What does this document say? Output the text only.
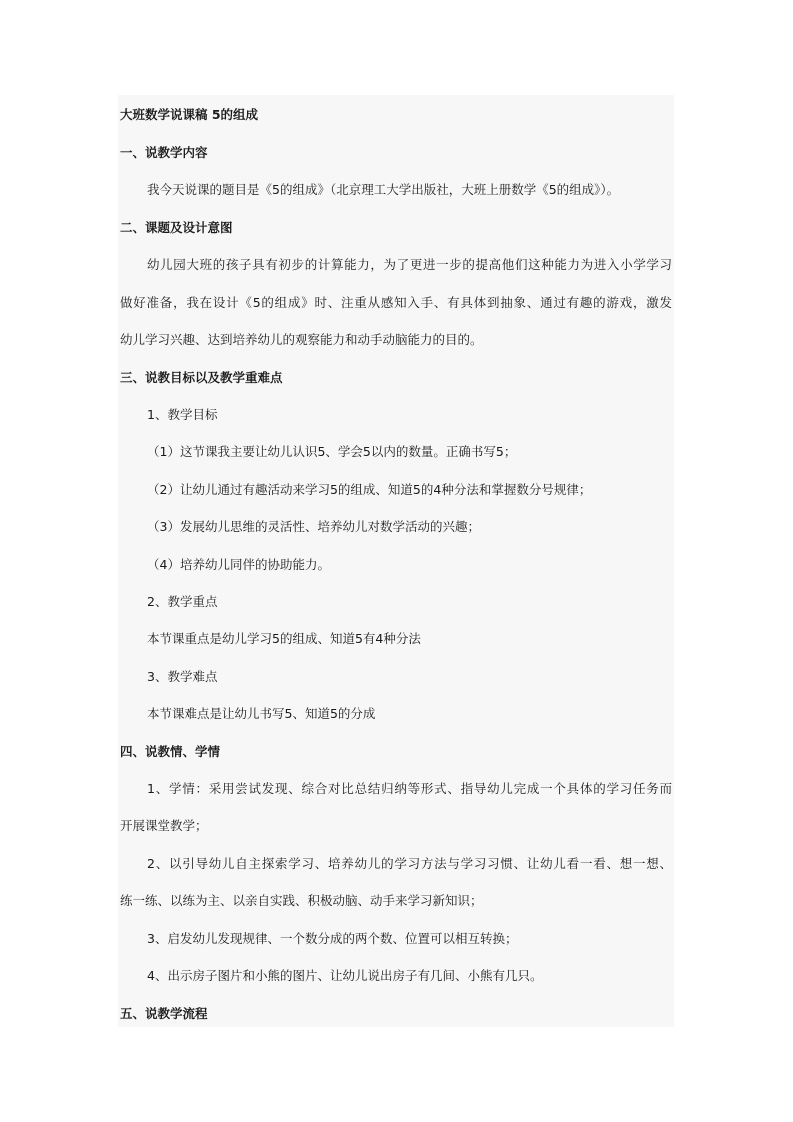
大班数学说课稿 5的组成
一、说教学内容
我今天说课的题目是《5的组成》（北京理工大学出版社，大班上册数学《5的组成》）。
二、课题及设计意图
幼儿园大班的孩子具有初步的计算能力，为了更进一步的提高他们这种能力为进入小学学习
做好准备，我在设计《5的组成》时、注重从感知入手、有具体到抽象、通过有趣的游戏，激发
幼儿学习兴趣、达到培养幼儿的观察能力和动手动脑能力的目的。
三、说教目标以及教学重难点
1、教学目标
（1）这节课我主要让幼儿认识5、学会5以内的数量。正确书写5；
（2）让幼儿通过有趣活动来学习5的组成、知道5的4种分法和掌握数分号规律；
（3）发展幼儿思维的灵活性、培养幼儿对数学活动的兴趣；
（4）培养幼儿同伴的协助能力。
2、教学重点
本节课重点是幼儿学习5的组成、知道5有4种分法
3、教学难点
本节课难点是让幼儿书写5、知道5的分成
四、说教情、学情
1、学情：采用尝试发现、综合对比总结归纳等形式、指导幼儿完成一个具体的学习任务而
开展课堂教学；
2、以引导幼儿自主探索学习、培养幼儿的学习方法与学习习惯、让幼儿看一看、想一想、
练一练、以练为主、以亲自实践、积极动脑、动手来学习新知识；
3、启发幼儿发现规律、一个数分成的两个数、位置可以相互转换；
4、出示房子图片和小熊的图片、让幼儿说出房子有几间、小熊有几只。
五、说教学流程
